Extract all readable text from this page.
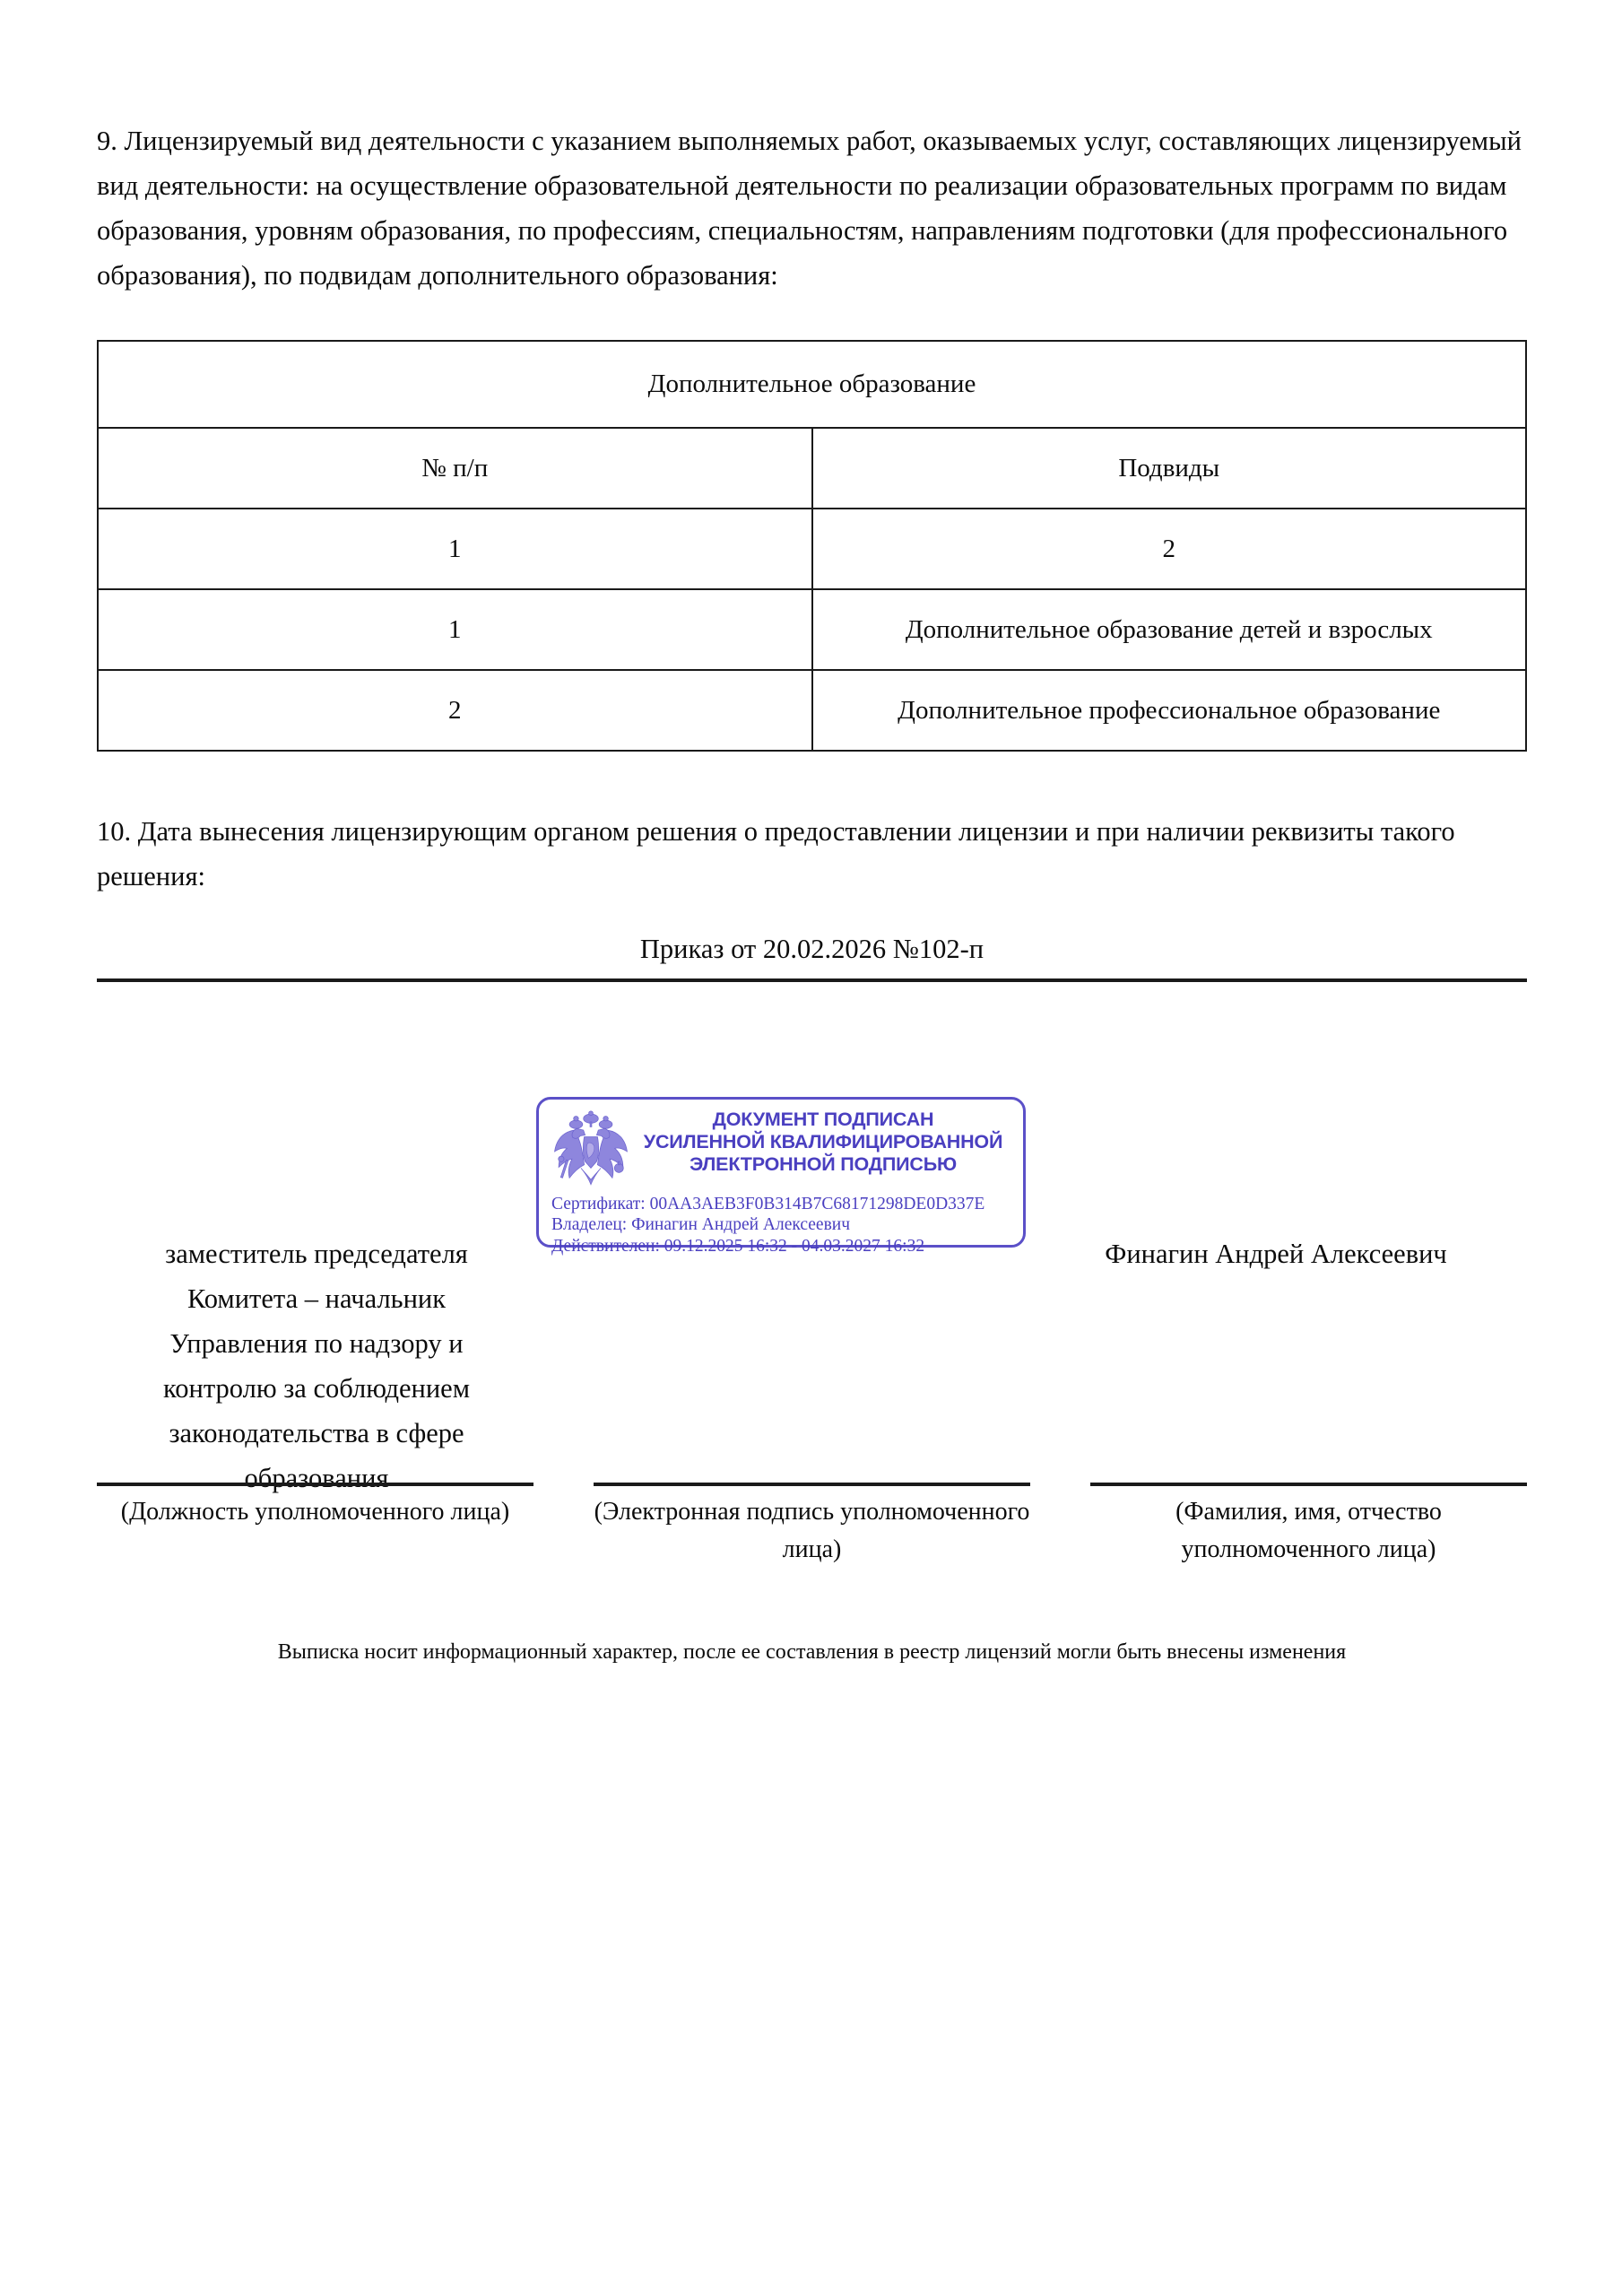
9. Лицензируемый вид деятельности с указанием выполняемых работ, оказываемых услуг, составляющих лицензируемый вид деятельности: на осуществление образовательной деятельности по реализации образовательных программ по видам образования, уровням образования, по профессиям, специальностям, направлениям подготовки (для профессионального образования), по подвидам дополнительного образования:

Дополнительное образование	
№ п/п	Подвиды
1	2
1	Дополнительное образование детей и взрослых
2	Дополнительное профессиональное образование

10. Дата вынесения лицензирующим органом решения о предоставлении лицензии и при наличии реквизиты такого решения:

Приказ от 20.02.2026 №102-п
ДОКУМЕНТ ПОДПИСАН
УСИЛЕННОЙ КВАЛИФИЦИРОВАННОЙ
ЭЛЕКТРОННОЙ ПОДПИСЬЮ
Сертификат: 00AA3AEB3F0B314B7C68171298DE0D337E
Владелец: Финагин Андрей Алексеевич
Действителен: 09.12.2025 16:32 - 04.03.2027 16:32
заместитель председателя Комитета – начальник Управления по надзору и контролю за соблюдением законодательства в сфере образования
Финагин Андрей Алексеевич
(Должность уполномоченного лица)	(Электронная подпись уполномоченного лица)
(Фамилия, имя, отчество уполномоченного лица)
Выписка носит информационный характер, после ее составления в реестр лицензий могли быть внесены изменения
